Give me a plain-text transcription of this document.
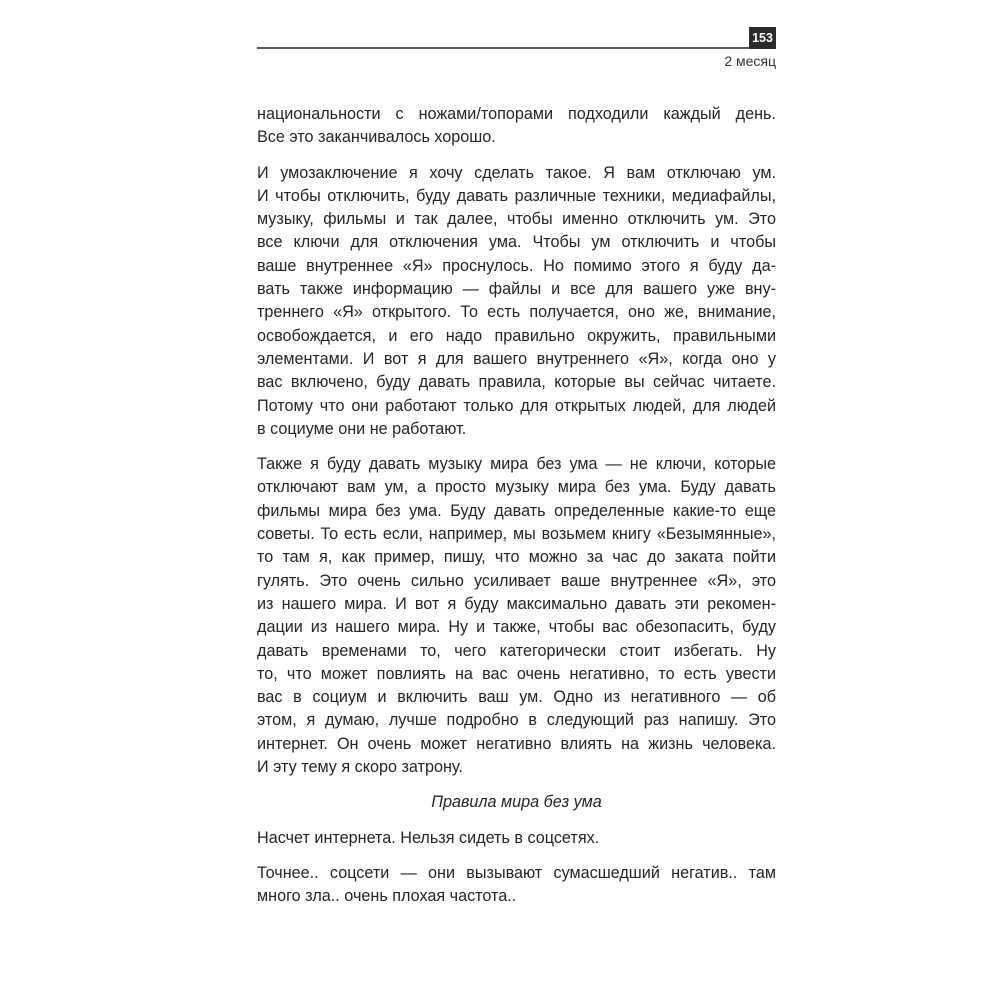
153
2 месяц
национальности с ножами/топорами подходили каждый день.
Все это заканчивалось хорошо.
И умозаключение я хочу сделать такое. Я вам отключаю ум.
И чтобы отключить, буду давать различные техники, медиафайлы,
музыку, фильмы и так далее, чтобы именно отключить ум. Это
все ключи для отключения ума. Чтобы ум отключить и чтобы
ваше внутреннее «Я» проснулось. Но помимо этого я буду да-
вать также информацию — файлы и все для вашего уже вну-
треннего «Я» открытого. То есть получается, оно же, внимание,
освобождается, и его надо правильно окружить, правильными
элементами. И вот я для вашего внутреннего «Я», когда оно у
вас включено, буду давать правила, которые вы сейчас читаете.
Потому что они работают только для открытых людей, для людей
в социуме они не работают.
Также я буду давать музыку мира без ума — не ключи, которые
отключают вам ум, а просто музыку мира без ума. Буду давать
фильмы мира без ума. Буду давать определенные какие-то еще
советы. То есть если, например, мы возьмем книгу «Безымянные»,
то там я, как пример, пишу, что можно за час до заката пойти
гулять. Это очень сильно усиливает ваше внутреннее «Я», это
из нашего мира. И вот я буду максимально давать эти рекомен-
дации из нашего мира. Ну и также, чтобы вас обезопасить, буду
давать временами то, чего категорически стоит избегать. Ну
то, что может повлиять на вас очень негативно, то есть увести
вас в социум и включить ваш ум. Одно из негативного — об
этом, я думаю, лучше подробно в следующий раз напишу. Это
интернет. Он очень может негативно влиять на жизнь человека.
И эту тему я скоро затрону.
Правила мира без ума
Насчет интернета. Нельзя сидеть в соцсетях.
Точнее.. соцсети — они вызывают сумасшедший негатив.. там
много зла.. очень плохая частота..
